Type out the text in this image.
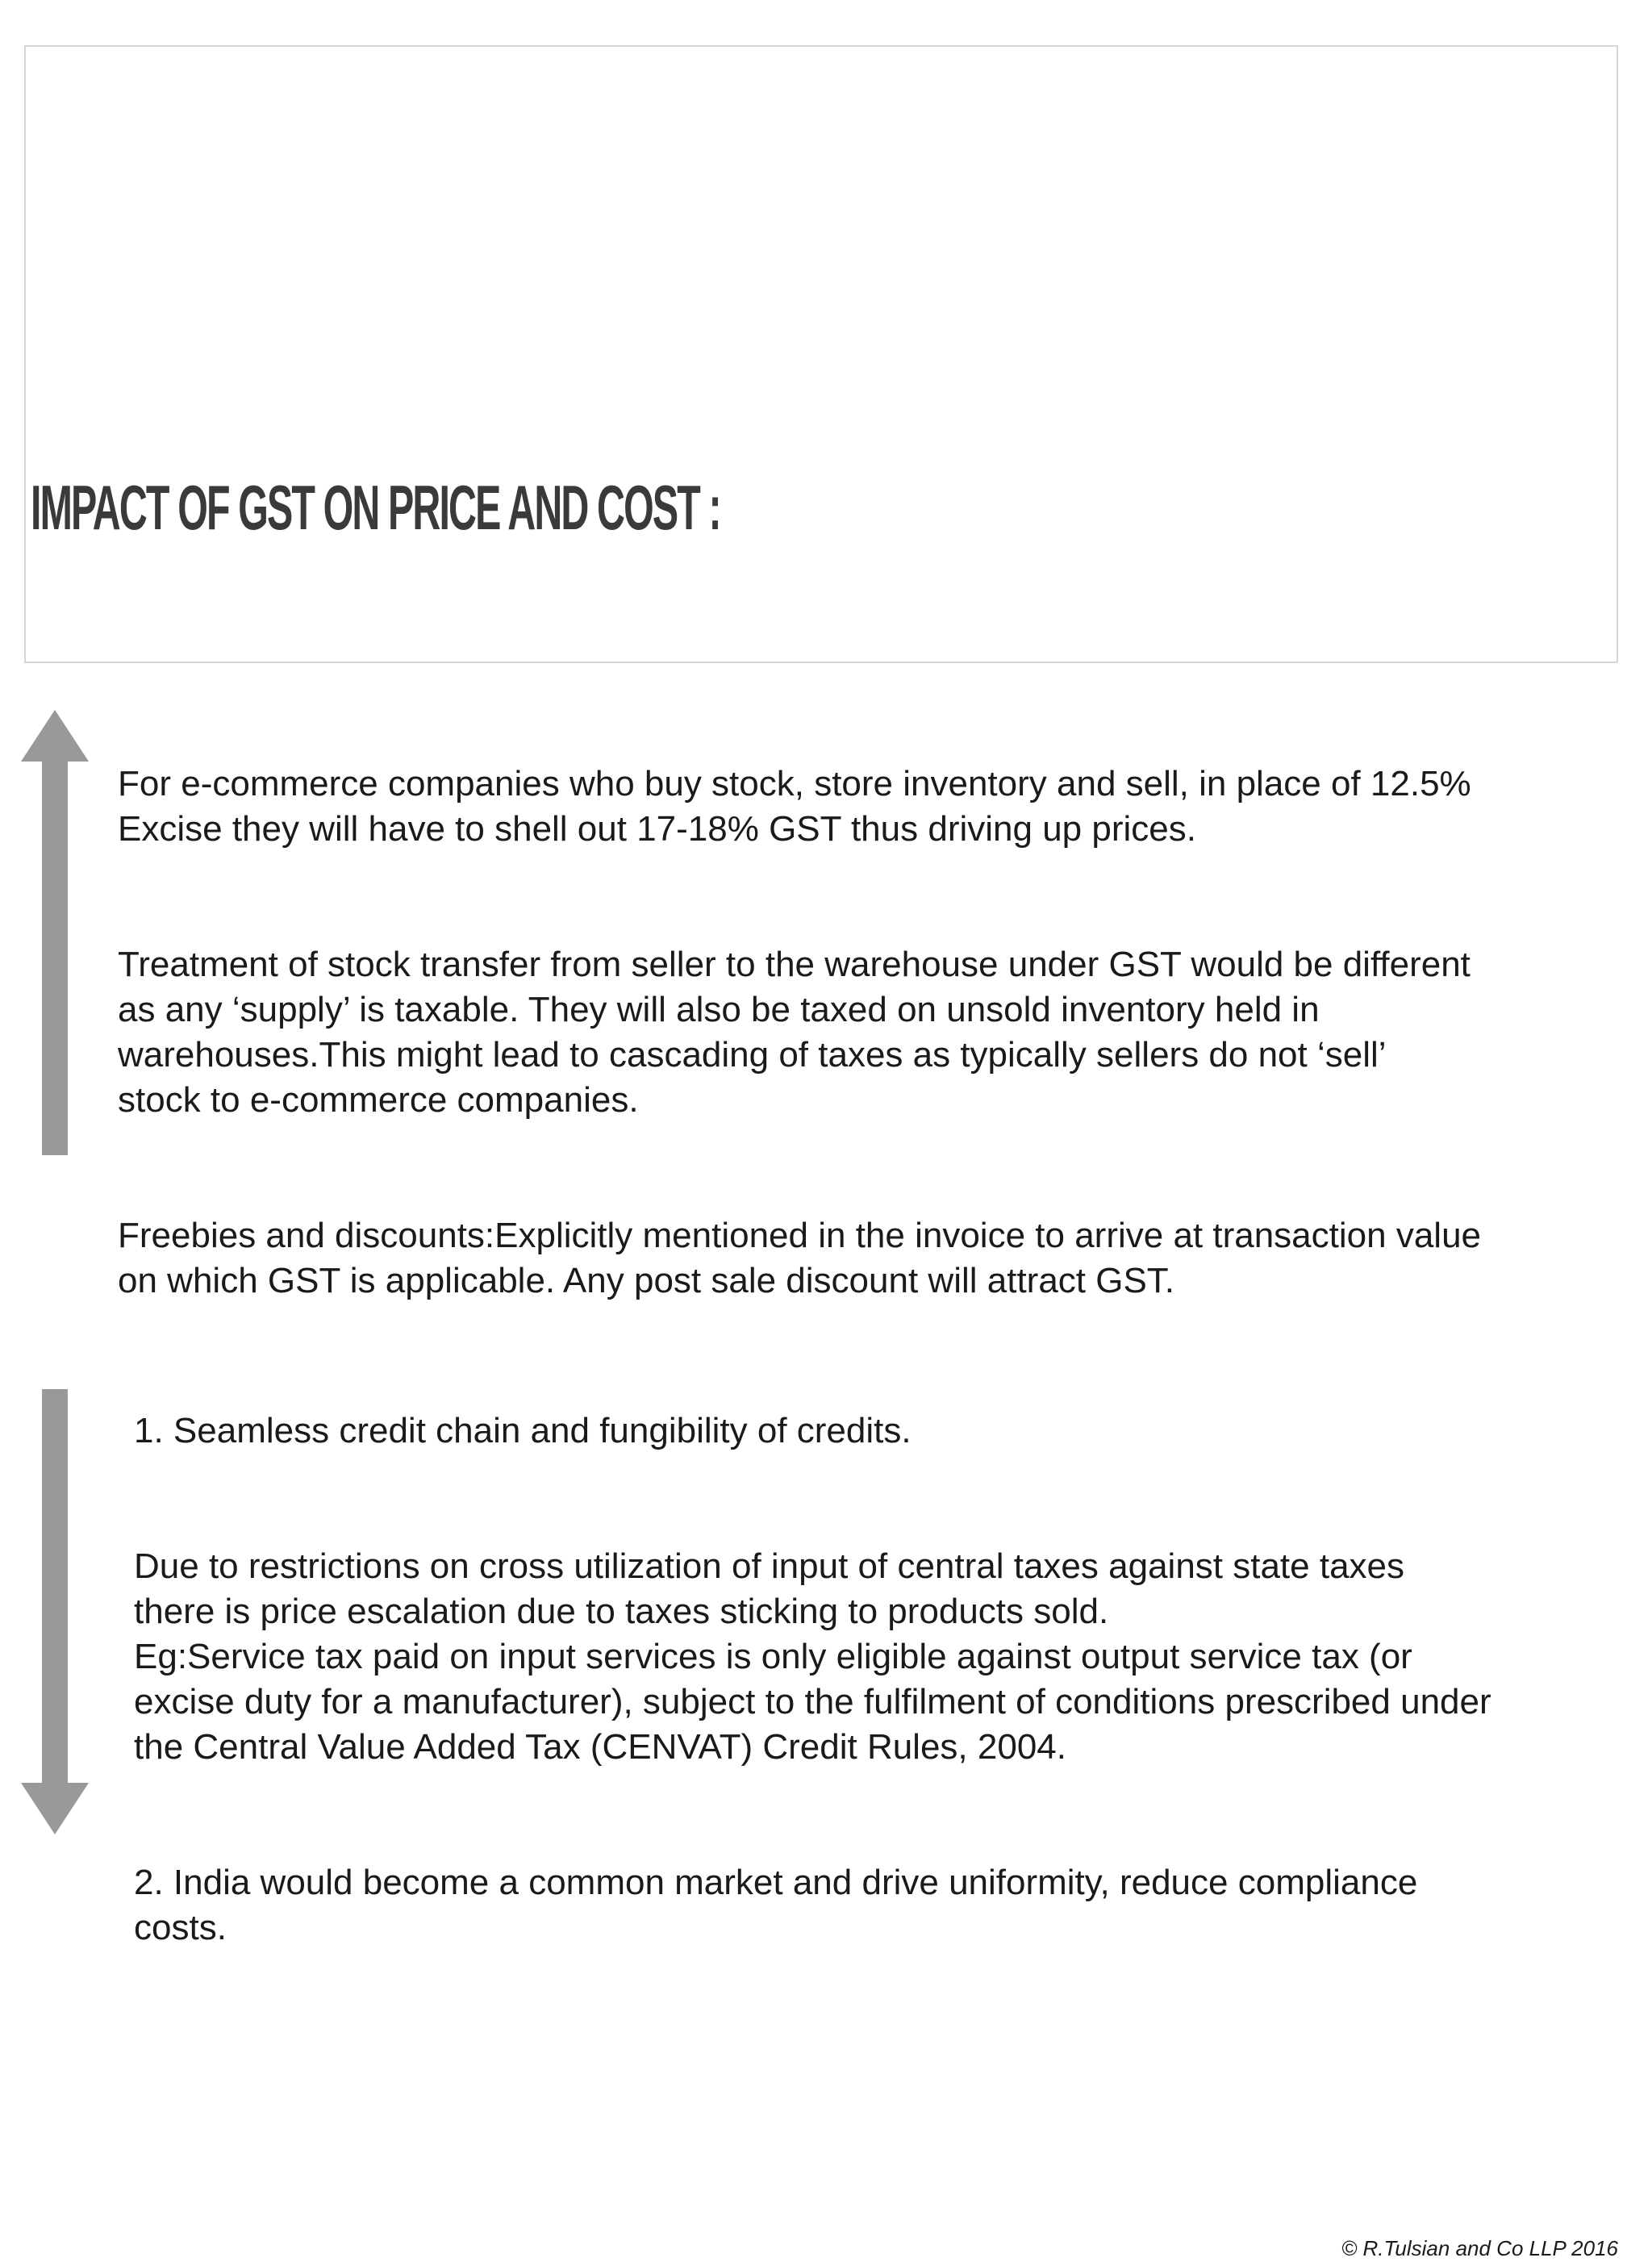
IMPACT OF GST ON PRICE AND COST :

For e-commerce companies who buy stock, store inventory and sell, in place of 12.5%
Excise they will have to shell out 17-18% GST thus driving up prices.

Treatment of stock transfer from seller to the warehouse under GST would be different
as any ‘supply’ is taxable. They will also be taxed on unsold inventory held in
warehouses.This might lead to cascading of taxes as typically sellers do not ‘sell’
stock to e-commerce companies.

Freebies and discounts:Explicitly mentioned in the invoice to arrive at transaction value
on which GST is applicable. Any post sale discount will attract GST.

1. Seamless credit chain and fungibility of credits.

Due to restrictions on cross utilization of input of central taxes against state taxes
there is price escalation due to taxes sticking to products sold.
Eg:Service tax paid on input services is only eligible against output service tax (or
excise duty for a manufacturer), subject to the fulfilment of conditions prescribed under
the Central Value Added Tax (CENVAT) Credit Rules, 2004.

2. India would become a common market and drive uniformity, reduce compliance
costs.

© R.Tulsian and Co LLP 2016
